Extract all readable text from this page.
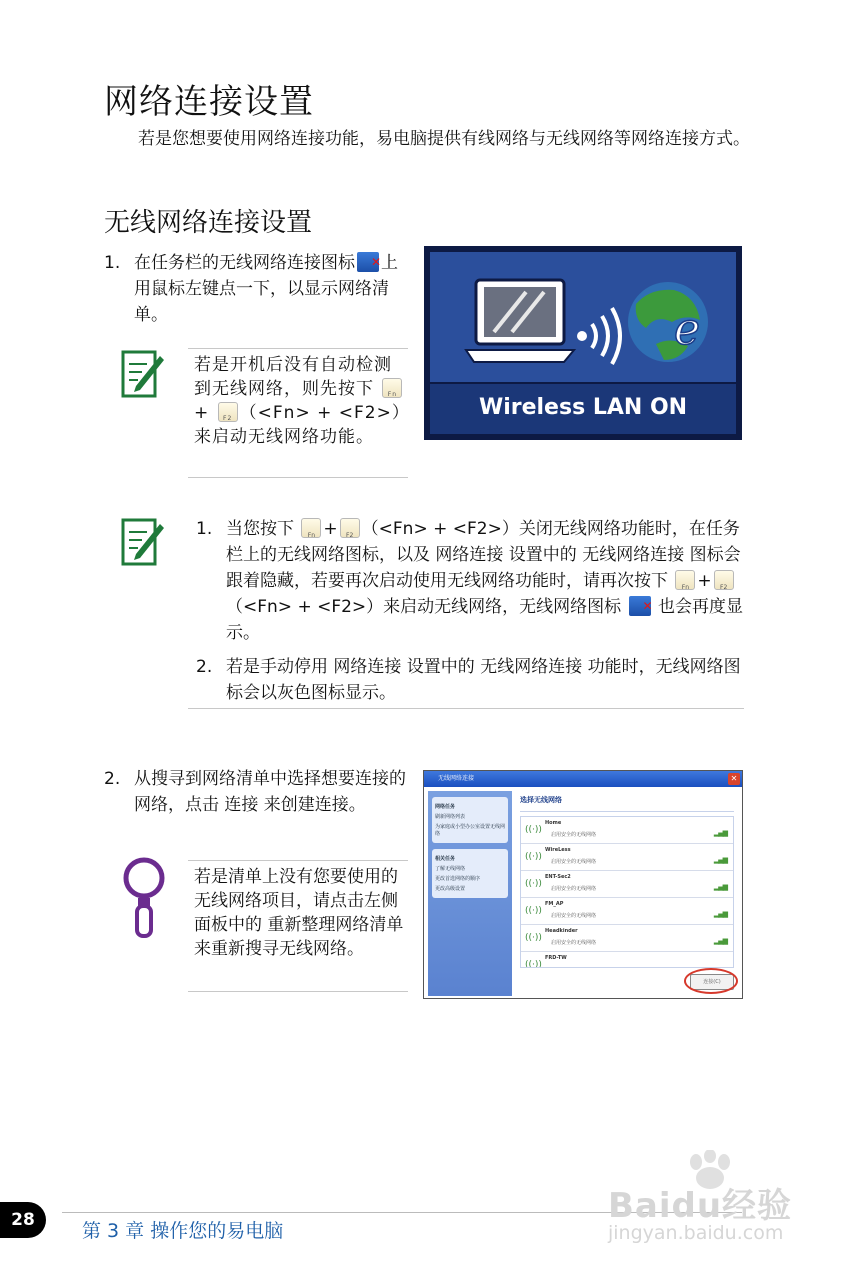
网络连接设置
若是您想要使用网络连接功能，易电脑提供有线网络与无线网络等网络连接方式。
无线网络连接设置
1. 在任务栏的无线网络连接图标 ✕ 上用鼠标左键点一下，以显示网络清单。
若是开机后没有自动检测到无线网络，则先按下	Fn
+	F2 （<Fn> + <F2>）来启动无线网络功能。
e
Wireless LAN ON
1. 当您按下	Fn +	F2 （<Fn> + <F2>）关闭无线网络功能时，在任务栏上的无线网络图标，以及 网络连接 设置中的 无线网络连接 图标会跟着隐藏，若要再次启动使用无线网络功能时，请再次按下	Fn +	F2
（<Fn> + <F2>）来启动无线网络，无线网络图标 ✕ 也会再度显示。
2. 若是手动停用 网络连接 设置中的 无线网络连接 功能时，无线网络图标会以灰色图标显示。
2. 从搜寻到网络清单中选择想要连接的网络，点击 连接 来创建连接。
若是清单上没有您要使用的无线网络项目，请点击左侧面板中的 重新整理网络清单 来重新搜寻无线网络。
无线网络连接	✕
网络任务
刷新网络列表
为家庭或小型办公室设置无线网络
相关任务
了解无线网络
更改首选网络的顺序
更改高级设置
选择无线网络
((·))
Home
启用安全的无线网络	▂▄▆
((·))
WireLess
启用安全的无线网络	▂▄▆
((·))
ENT-Sec2
启用安全的无线网络	▂▄▆
((·))
FM_AP
启用安全的无线网络	▂▄▆
((·))
Headkinder
启用安全的无线网络	▂▄▆
((·))
FRD-TW
连接(C)
28	第 3 章 操作您的易电脑
Baidu经验
jingyan.baidu.com
